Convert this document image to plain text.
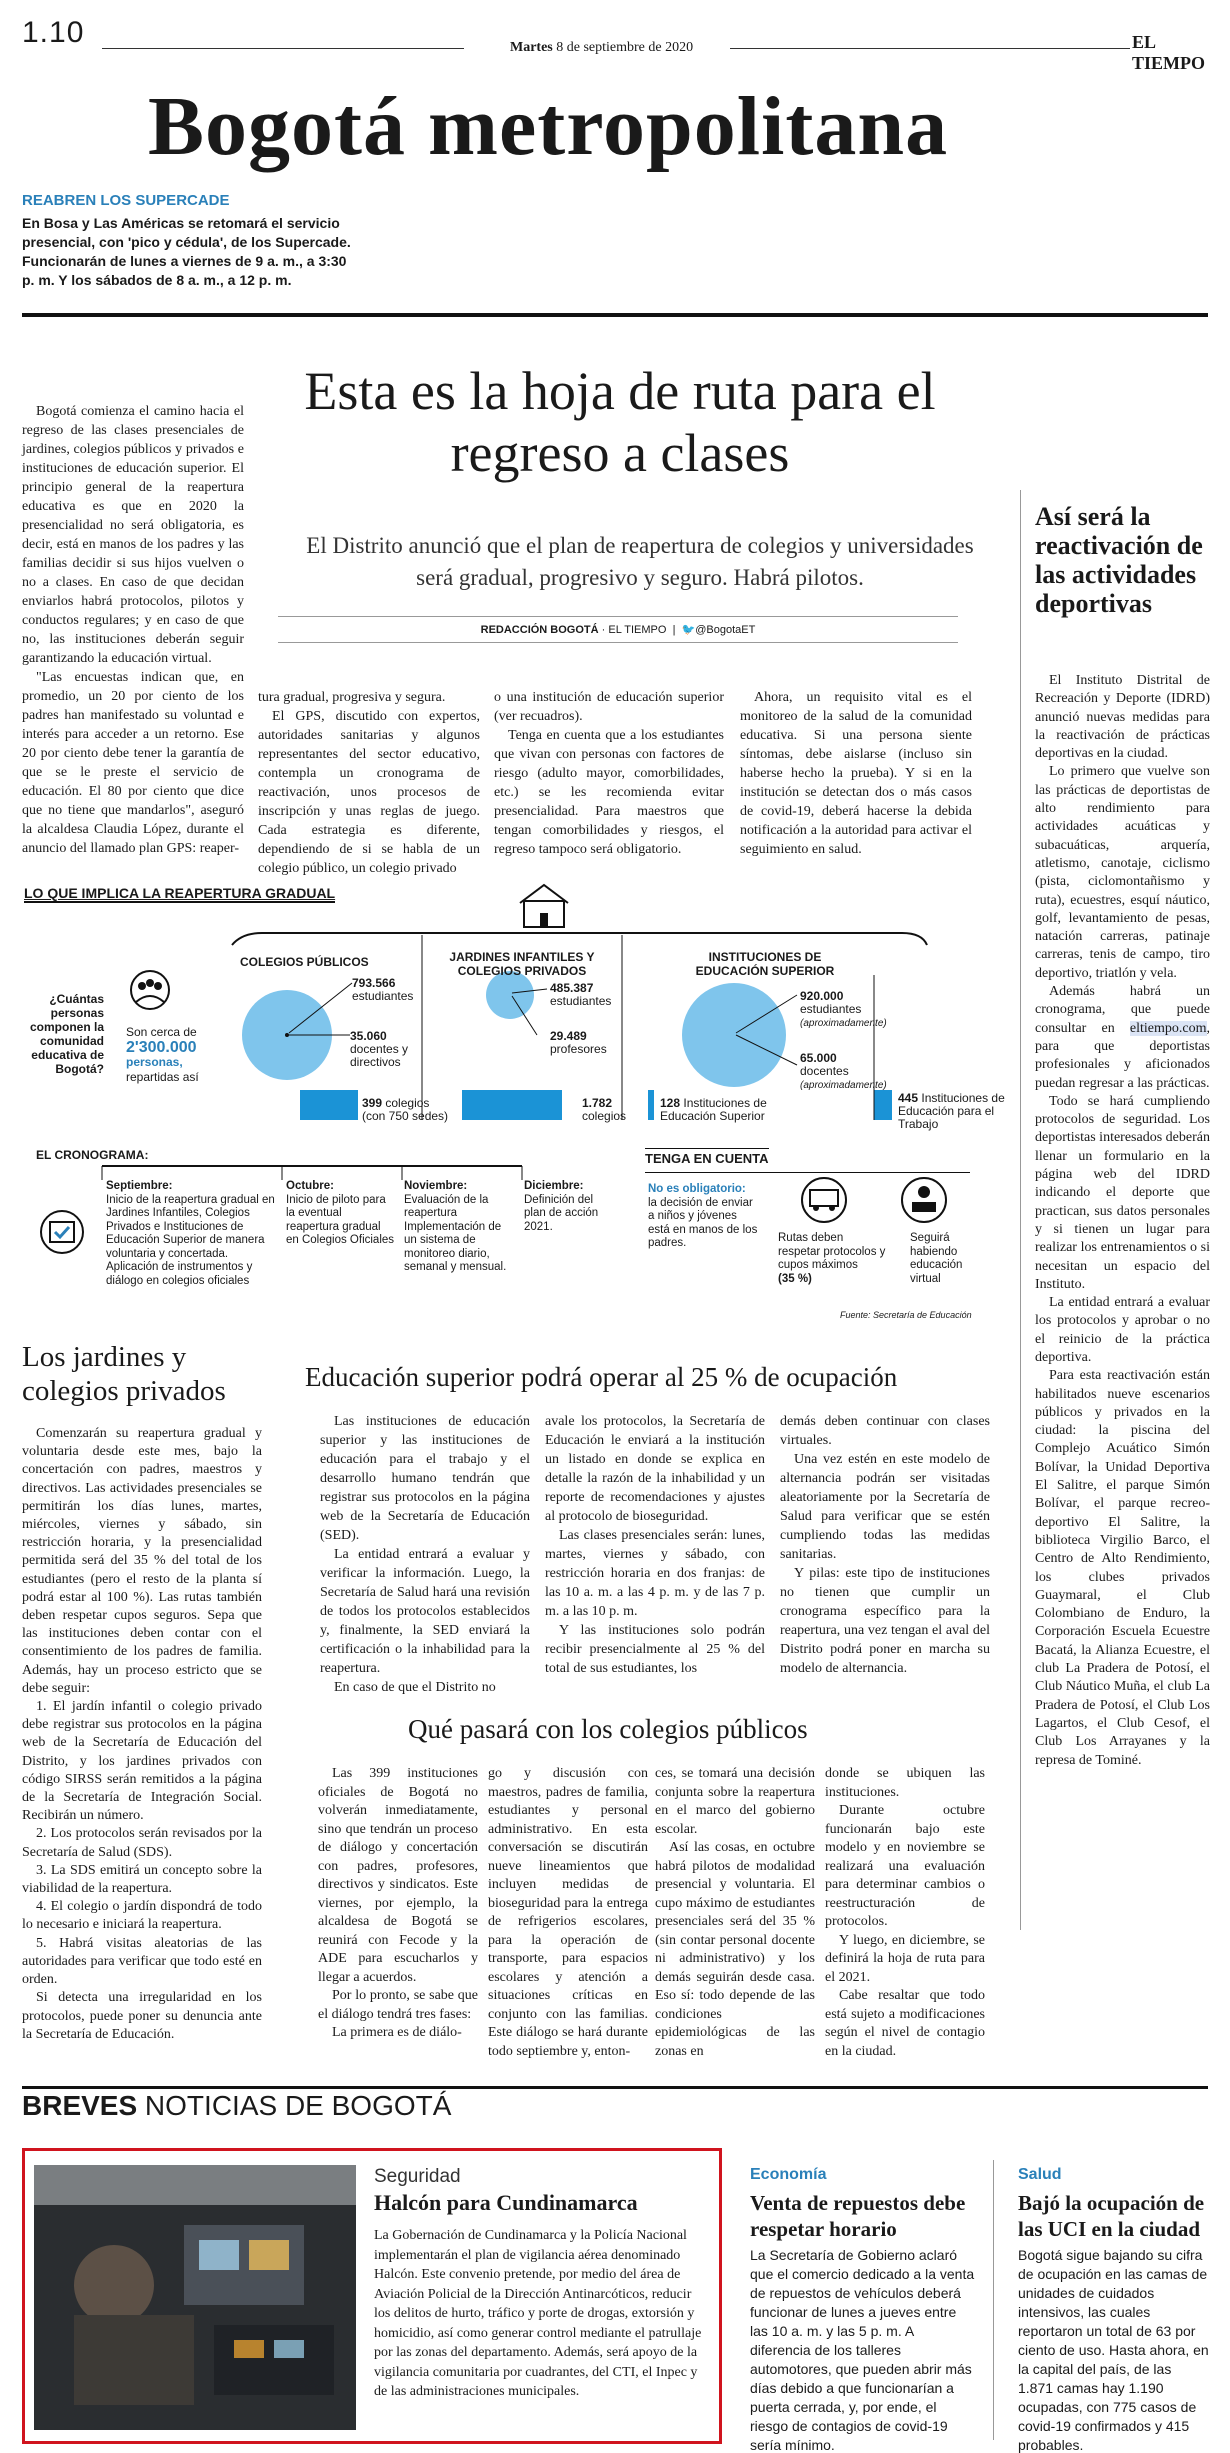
1.10	Martes 8 de septiembre de 2020	EL TIEMPO
Bogotá metropolitana
REABREN LOS SUPERCADE
En Bosa y Las Américas se retomará el servicio presencial, con 'pico y cédula', de los Supercade. Funcionarán de lunes a viernes de 9 a. m., a 3:30 p. m. Y los sábados de 8 a. m., a 12 p. m.
Esta es la hoja de ruta para el regreso a clases
El Distrito anunció que el plan de reapertura de colegios y universidades será gradual, progresivo y seguro. Habrá pilotos.
REDACCIÓN BOGOTÁ · EL TIEMPO  |  🐦@BogotaET

Bogotá comienza el camino hacia el regreso de las clases presenciales de jardines, colegios públicos y privados e instituciones de educación superior. El principio general de la reapertura educativa es que en 2020 la presencialidad no será obligatoria, es decir, está en manos de los padres y las familias decidir si sus hijos vuelven o no a clases. En caso de que decidan enviarlos habrá protocolos, pilotos y conductos regulares; y en caso de que no, las instituciones deberán seguir garantizando la educación virtual.

"Las encuestas indican que, en promedio, un 20 por ciento de los padres han manifestado su voluntad e interés para acceder a un retorno. Ese 20 por ciento debe tener la garantía de que se le preste el servicio de educación. El 80 por ciento que dice que no tiene que mandarlos", aseguró la alcaldesa Claudia López, durante el anuncio del llamado plan GPS: reaper-

tura gradual, progresiva y segura.

El GPS, discutido con expertos, autoridades sanitarias y algunos representantes del sector educativo, contempla un cronograma de reactivación, unos procesos de inscripción y unas reglas de juego. Cada estrategia es diferente, dependiendo de si se habla de un colegio público, un colegio privado

o una institución de educación superior (ver recuadros).

Tenga en cuenta que a los estudiantes que vivan con personas con factores de riesgo (adulto mayor, comorbilidades, etc.) se les recomienda evitar presencialidad. Para maestros que tengan comorbilidades y riesgos, el regreso tampoco será obligatorio.

Ahora, un requisito vital es el monitoreo de la salud de la comunidad educativa. Si una persona siente síntomas, debe aislarse (incluso sin haberse hecho la prueba). Y si en la institución se detectan dos o más casos de covid-19, deberá hacerse la debida notificación a la autoridad para activar el seguimiento en salud.

Así será la reactivación de las actividades deportivas

El Instituto Distrital de Recreación y Deporte (IDRD) anunció nuevas medidas para la reactivación de prácticas deportivas en la ciudad.

Lo primero que vuelve son las prácticas de deportistas de alto rendimiento para actividades acuáticas y subacuáticas, arquería, atletismo, canotaje, ciclismo (pista, ciclomontañismo y ruta), ecuestres, esquí náutico, golf, levantamiento de pesas, natación carreras, patinaje carreras, tenis de campo, tiro deportivo, triatlón y vela.

Además habrá un cronograma, que puede consultar en eltiempo.com, para que deportistas profesionales y aficionados puedan regresar a las prácticas.

Todo se hará cumpliendo protocolos de seguridad. Los deportistas interesados deberán llenar un formulario en la página web del IDRD indicando el deporte que practican, sus datos personales y si tienen un lugar para realizar los entrenamientos o si necesitan un espacio del Instituto.

La entidad entrará a evaluar los protocolos y aprobar o no el reinicio de la práctica deportiva.

Para esta reactivación están habilitados nueve escenarios públicos y privados en la ciudad: la piscina del Complejo Acuático Simón Bolívar, la Unidad Deportiva El Salitre, el parque Simón Bolívar, el parque recreo-deportivo El Salitre, la biblioteca Virgilio Barco, el Centro de Alto Rendimiento, los clubes privados Guaymaral, el Club Colombiano de Enduro, la Corporación Escuela Ecuestre Bacatá, la Alianza Ecuestre, el club La Pradera de Potosí, el Club Náutico Muña, el club La Pradera de Potosí, el Club Los Lagartos, el Club Cesof, el Club Los Arrayanes y la represa de Tominé.

LO QUE IMPLICA LA REAPERTURA GRADUAL
¿Cuántas personas componen la comunidad educativa de Bogotá?
Son cerca de
2'300.000
personas,
repartidas así
COLEGIOS PÚBLICOS
793.566
estudiantes
35.060
docentes y directivos
399 colegios (con 750 sedes)
JARDINES INFANTILES Y COLEGIOS PRIVADOS
485.387
estudiantes
29.489
profesores
1.782
colegios
INSTITUCIONES DE EDUCACIÓN SUPERIOR
920.000
estudiantes
(aproximadamente)
65.000
docentes
(aproximadamente)
128 Instituciones de Educación Superior
445 Instituciones de Educación para el Trabajo
EL CRONOGRAMA:
Septiembre:
Inicio de la reapertura gradual en Jardines Infantiles, Colegios Privados e Instituciones de Educación Superior de manera voluntaria y concertada. Aplicación de instrumentos y diálogo en colegios oficiales
Octubre:
Inicio de piloto para la eventual reapertura gradual en Colegios Oficiales
Noviembre:
Evaluación de la reapertura Implementación de un sistema de monitoreo diario, semanal y mensual.
Diciembre:
Definición del plan de acción 2021.
TENGA EN CUENTA
No es obligatorio:
la decisión de enviar a niños y jóvenes está en manos de los padres.	Rutas deben respetar protocolos y cupos máximos
(35 %)
Seguirá habiendo educación virtual
Fuente: Secretaría de Educación
Los jardines y colegios privados

Comenzarán su reapertura gradual y voluntaria desde este mes, bajo la concertación con padres, maestros y directivos. Las actividades presenciales se permitirán los días lunes, martes, miércoles, viernes y sábado, sin restricción horaria, y la presencialidad permitida será del 35 % del total de los estudiantes (pero el resto de la planta sí podrá estar al 100 %). Las rutas también deben respetar cupos seguros. Sepa que las instituciones deben contar con el consentimiento de los padres de familia. Además, hay un proceso estricto que se debe seguir:

1. El jardín infantil o colegio privado debe registrar sus protocolos en la página web de la Secretaría de Educación del Distrito, y los jardines privados con código SIRSS serán remitidos a la página de la Secretaría de Integración Social. Recibirán un número.

2. Los protocolos serán revisados por la Secretaría de Salud (SDS).

3. La SDS emitirá un concepto sobre la viabilidad de la reapertura.

4. El colegio o jardín dispondrá de todo lo necesario e iniciará la reapertura.

5. Habrá visitas aleatorias de las autoridades para verificar que todo esté en orden.

Si detecta una irregularidad en los protocolos, puede poner su denuncia ante la Secretaría de Educación.

Educación superior podrá operar al 25 % de ocupación

Las instituciones de educación superior y las instituciones de educación para el trabajo y el desarrollo humano tendrán que registrar sus protocolos en la página web de la Secretaría de Educación (SED).

La entidad entrará a evaluar y verificar la información. Luego, la Secretaría de Salud hará una revisión de todos los protocolos establecidos y, finalmente, la SED enviará la certificación o la inhabilidad para la reapertura.

En caso de que el Distrito no

avale los protocolos, la Secretaría de Educación le enviará a la institución un listado en donde se explica en detalle la razón de la inhabilidad y un reporte de recomendaciones y ajustes al protocolo de bioseguridad.

Las clases presenciales serán: lunes, martes, viernes y sábado, con restricción horaria en dos franjas: de las 10 a. m. a las 4 p. m. y de las 7 p. m. a las 10 p. m.

Y las instituciones solo podrán recibir presencialmente al 25 % del total de sus estudiantes, los

demás deben continuar con clases virtuales.

Una vez estén en este modelo de alternancia podrán ser visitadas aleatoriamente por la Secretaría de Salud para verificar que se estén cumpliendo todas las medidas sanitarias.

Y pilas: este tipo de instituciones no tienen que cumplir un cronograma específico para la reapertura, una vez tengan el aval del Distrito podrá poner en marcha su modelo de alternancia.

Qué pasará con los colegios públicos

Las 399 instituciones oficiales de Bogotá no volverán inmediatamente, sino que tendrán un proceso de diálogo y concertación con padres, profesores, directivos y sindicatos. Este viernes, por ejemplo, la alcaldesa de Bogotá se reunirá con Fecode y la ADE para escucharlos y llegar a acuerdos.

Por lo pronto, se sabe que el diálogo tendrá tres fases:

La primera es de diálo-

go y discusión con maestros, padres de familia, estudiantes y personal administrativo. En esta conversación se discutirán nueve lineamientos que incluyen medidas de bioseguridad para la entrega de refrigerios escolares, para la operación de transporte, para espacios escolares y atención a situaciones críticas en conjunto con las familias. Este diálogo se hará durante todo septiembre y, enton-

ces, se tomará una decisión conjunta sobre la reapertura en el marco del gobierno escolar.

Así las cosas, en octubre habrá pilotos de modalidad presencial y voluntaria. El cupo máximo de estudiantes presenciales será del 35 % (sin contar personal docente ni administrativo) y los demás seguirán desde casa. Eso sí: todo depende de las condiciones epidemiológicas de las zonas en

donde se ubiquen las instituciones.

Durante octubre funcionarán bajo este modelo y en noviembre se realizará una evaluación para determinar cambios o reestructuración de protocolos.

Y luego, en diciembre, se definirá la hoja de ruta para el 2021.

Cabe resaltar que todo está sujeto a modificaciones según el nivel de contagio en la ciudad.

BREVES NOTICIAS DE BOGOTÁ
Seguridad
Halcón para Cundinamarca
La Gobernación de Cundinamarca y la Policía Nacional implementarán el plan de vigilancia aérea denominado Halcón. Este convenio pretende, por medio del área de Aviación Policial de la Dirección Antinarcóticos, reducir los delitos de hurto, tráfico y porte de drogas, extorsión y homicidio, así como generar control mediante el patrullaje por las zonas del departamento. Además, será apoyo de la vigilancia comunitaria por cuadrantes, del CTI, el Inpec y de las administraciones municipales.
Economía
Venta de repuestos debe respetar horario
La Secretaría de Gobierno aclaró que el comercio dedicado a la venta de repuestos de vehículos deberá funcionar de lunes a jueves entre las 10 a. m. y las 5 p. m. A diferencia de los talleres automotores, que pueden abrir más días debido a que funcionarían a puerta cerrada, y, por ende, el riesgo de contagios de covid-19 sería mínimo.
Salud
Bajó la ocupación de las UCI en la ciudad
Bogotá sigue bajando su cifra de ocupación en las camas de unidades de cuidados intensivos, las cuales reportaron un total de 63 por ciento de uso. Hasta ahora, en la capital del país, de las 1.871 camas hay 1.190 ocupadas, con 775 casos de covid-19 confirmados y 415 probables.
